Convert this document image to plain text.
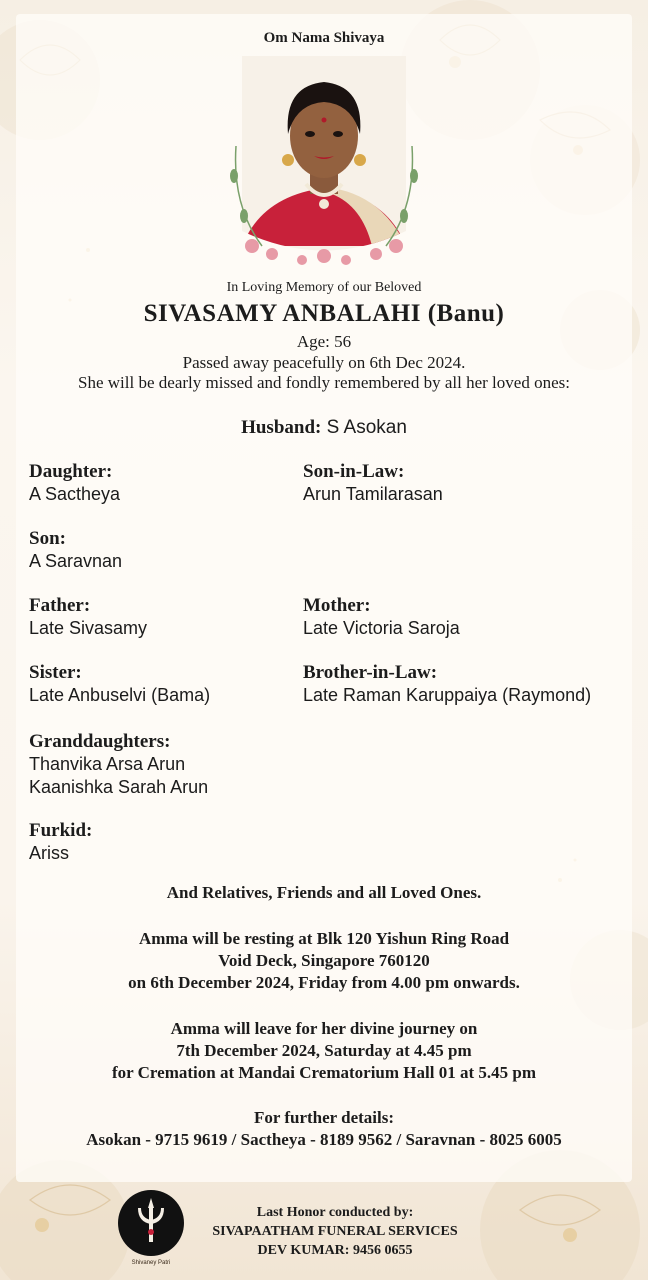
Om Nama Shivaya
In Loving Memory of our Beloved
SIVASAMY ANBALAHI (Banu)
Age: 56
Passed away peacefully on 6th Dec 2024.
She will be dearly missed and fondly remembered by all her loved ones:
Husband: S Asokan
Daughter:
A Sactheya
Son:
A Saravnan
Father:
Late Sivasamy
Sister:
Late Anbuselvi (Bama)
Granddaughters:
Thanvika Arsa Arun
Kaanishka Sarah Arun
Furkid:
Ariss
Son-in-Law:
Arun Tamilarasan
Mother:
Late Victoria Saroja
Brother-in-Law:
Late Raman Karuppaiya (Raymond)
And Relatives, Friends and all Loved Ones.
Amma will be resting at Blk 120 Yishun Ring Road
Void Deck, Singapore 760120
on 6th December 2024, Friday from 4.00 pm onwards.
Amma will leave for her divine journey on
7th December 2024, Saturday at 4.45 pm
for Cremation at Mandai Crematorium Hall 01 at 5.45 pm
For further details:
Asokan - 9715 9619 / Sactheya - 8189 9562 / Saravnan - 8025 6005
Shivaney Patri
Last Honor conducted by:
SIVAPAATHAM FUNERAL SERVICES
DEV KUMAR: 9456 0655
